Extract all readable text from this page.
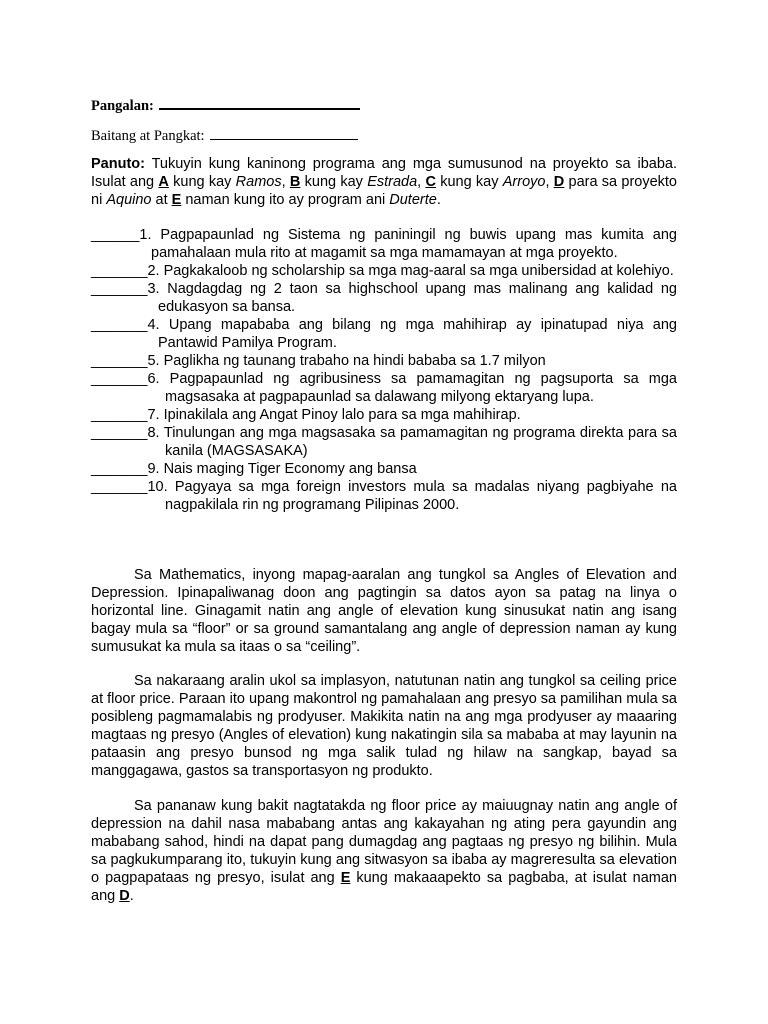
Pangalan:
Baitang at Pangkat:
Panuto: Tukuyin kung kaninong programa ang mga sumusunod na proyekto sa ibaba. Isulat ang A kung kay Ramos, B kung kay Estrada, C kung kay Arroyo, D para sa proyekto ni Aquino at E naman kung ito ay program ani Duterte.
______1. Pagpapaunlad ng Sistema ng paniningil ng buwis upang mas kumita ang pamahalaan mula rito at magamit sa mga mamamayan at mga proyekto.
_______2. Pagkakaloob ng scholarship sa mga mag-aaral sa mga unibersidad at kolehiyo.
_______3. Nagdagdag ng 2 taon sa highschool upang mas malinang ang kalidad ng edukasyon sa bansa.
_______4. Upang mapababa ang bilang ng mga mahihirap ay ipinatupad niya ang Pantawid Pamilya Program.
_______5. Paglikha ng taunang trabaho na hindi bababa sa 1.7 milyon
_______6. Pagpapaunlad ng agribusiness sa pamamagitan ng pagsuporta sa mga magsasaka at pagpapaunlad sa dalawang milyong ektaryang lupa.
_______7. Ipinakilala ang Angat Pinoy lalo para sa mga mahihirap.
_______8. Tinulungan ang mga magsasaka sa pamamagitan ng programa direkta para sa kanila (MAGSASAKA)
_______9. Nais maging Tiger Economy ang bansa
_______10. Pagyaya sa mga foreign investors mula sa madalas niyang pagbiyahe na nagpakilala rin ng programang Pilipinas 2000.
Sa Mathematics, inyong mapag-aaralan ang tungkol sa Angles of Elevation and Depression. Ipinapaliwanag doon ang pagtingin sa datos ayon sa patag na linya o horizontal line. Ginagamit natin ang angle of elevation kung sinusukat natin ang isang bagay mula sa “floor” or sa ground samantalang ang angle of depression naman ay kung sumusukat ka mula sa itaas o sa “ceiling”.
Sa nakaraang aralin ukol sa implasyon, natutunan natin ang tungkol sa ceiling price at floor price. Paraan ito upang makontrol ng pamahalaan ang presyo sa pamilihan mula sa posibleng pagmamalabis ng prodyuser. Makikita natin na ang mga prodyuser ay maaaring magtaas ng presyo (Angles of elevation) kung nakatingin sila sa mababa at may layunin na pataasin ang presyo bunsod ng mga salik tulad ng hilaw na sangkap, bayad sa manggagawa, gastos sa transportasyon ng produkto.
Sa pananaw kung bakit nagtatakda ng floor price ay maiuugnay natin ang angle of depression na dahil nasa mababang antas ang kakayahan ng ating pera gayundin ang mababang sahod, hindi na dapat pang dumagdag ang pagtaas ng presyo ng bilihin. Mula sa pagkukumparang ito, tukuyin kung ang sitwasyon sa ibaba ay magreresulta sa elevation o pagpapataas ng presyo, isulat ang E kung makaaapekto sa pagbaba, at isulat naman ang D.
